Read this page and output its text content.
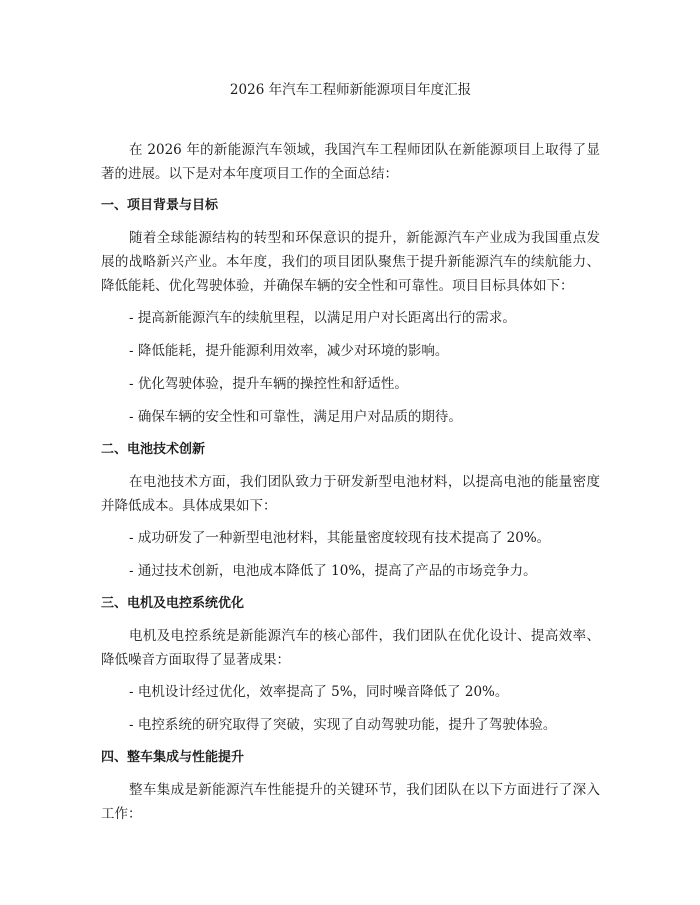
2026 年汽车工程师新能源项目年度汇报

在 2026 年的新能源汽车领域，我国汽车工程师团队在新能源项目上取得了显著的进展。以下是对本年度项目工作的全面总结：

一、项目背景与目标

随着全球能源结构的转型和环保意识的提升，新能源汽车产业成为我国重点发展的战略新兴产业。本年度，我们的项目团队聚焦于提升新能源汽车的续航能力、降低能耗、优化驾驶体验，并确保车辆的安全性和可靠性。项目目标具体如下：

- 提高新能源汽车的续航里程，以满足用户对长距离出行的需求。
- 降低能耗，提升能源利用效率，减少对环境的影响。
- 优化驾驶体验，提升车辆的操控性和舒适性。
- 确保车辆的安全性和可靠性，满足用户对品质的期待。
二、电池技术创新

在电池技术方面，我们团队致力于研发新型电池材料，以提高电池的能量密度并降低成本。具体成果如下：

- 成功研发了一种新型电池材料，其能量密度较现有技术提高了 20%。
- 通过技术创新，电池成本降低了 10%，提高了产品的市场竞争力。
三、电机及电控系统优化

电机及电控系统是新能源汽车的核心部件，我们团队在优化设计、提高效率、降低噪音方面取得了显著成果：

- 电机设计经过优化，效率提高了 5%，同时噪音降低了 20%。
- 电控系统的研究取得了突破，实现了自动驾驶功能，提升了驾驶体验。
四、整车集成与性能提升

整车集成是新能源汽车性能提升的关键环节，我们团队在以下方面进行了深入工作：
